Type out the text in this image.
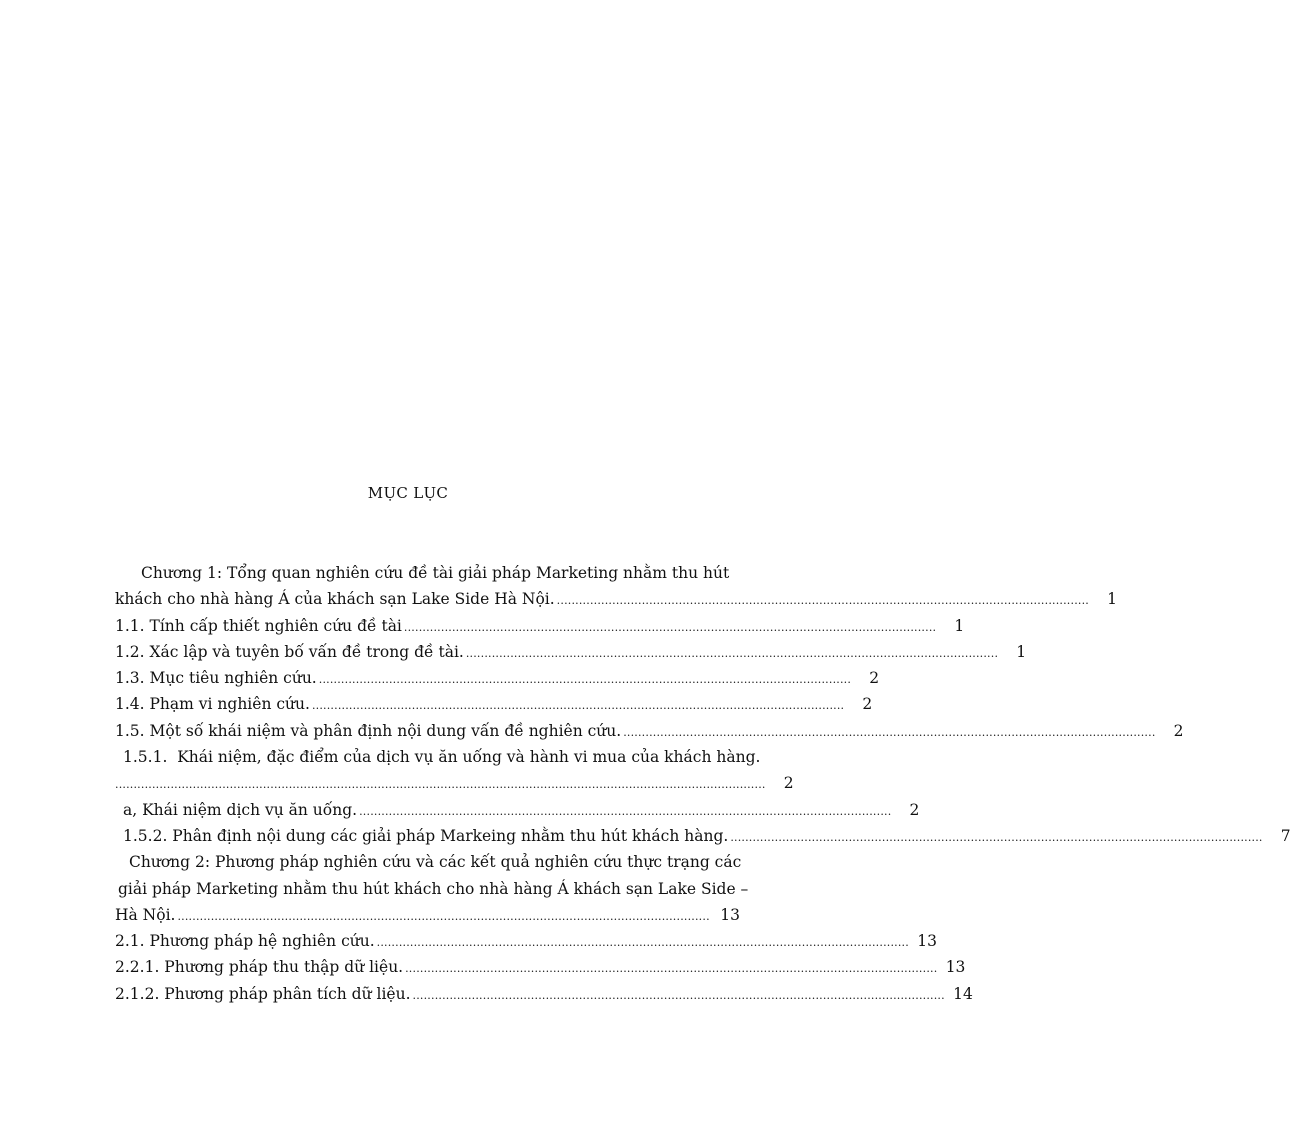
MỤC LỤC
Chương 1: Tổng quan nghiên cứu đề tài giải pháp Marketing nhằm thu hút
khách cho nhà hàng Á của khách sạn Lake Side Hà Nội. ................................................................................................................................................	1
1.1. Tính cấp thiết nghiên cứu đề tài ................................................................................................................................................	1
1.2. Xác lập và tuyên bố vấn đề trong đề tài. ................................................................................................................................................	1
1.3. Mục tiêu nghiên cứu. ................................................................................................................................................	2
1.4. Phạm vi nghiên cứu. ................................................................................................................................................	2
1.5. Một số khái niệm và phân định nội dung vấn đề nghiên cứu. ................................................................................................................................................	2
1.5.1.  Khái niệm, đặc điểm của dịch vụ ăn uống và hành vi mua của khách hàng.
................................................................................................................................................................................	2
a, Khái niệm dịch vụ ăn uống. ................................................................................................................................................	2
1.5.2. Phân định nội dung các giải pháp Markeing nhằm thu hút khách hàng. ................................................................................................................................................	7
Chương 2: Phương pháp nghiên cứu và các kết quả nghiên cứu thực trạng các
giải pháp Marketing nhằm thu hút khách cho nhà hàng Á khách sạn Lake Side –
Hà Nội. ................................................................................................................................................ 13
2.1. Phương pháp hệ nghiên cứu. ................................................................................................................................................ 13
2.2.1. Phương pháp thu thập dữ liệu. ................................................................................................................................................ 13
2.1.2. Phương pháp phân tích dữ liệu. ................................................................................................................................................ 14
